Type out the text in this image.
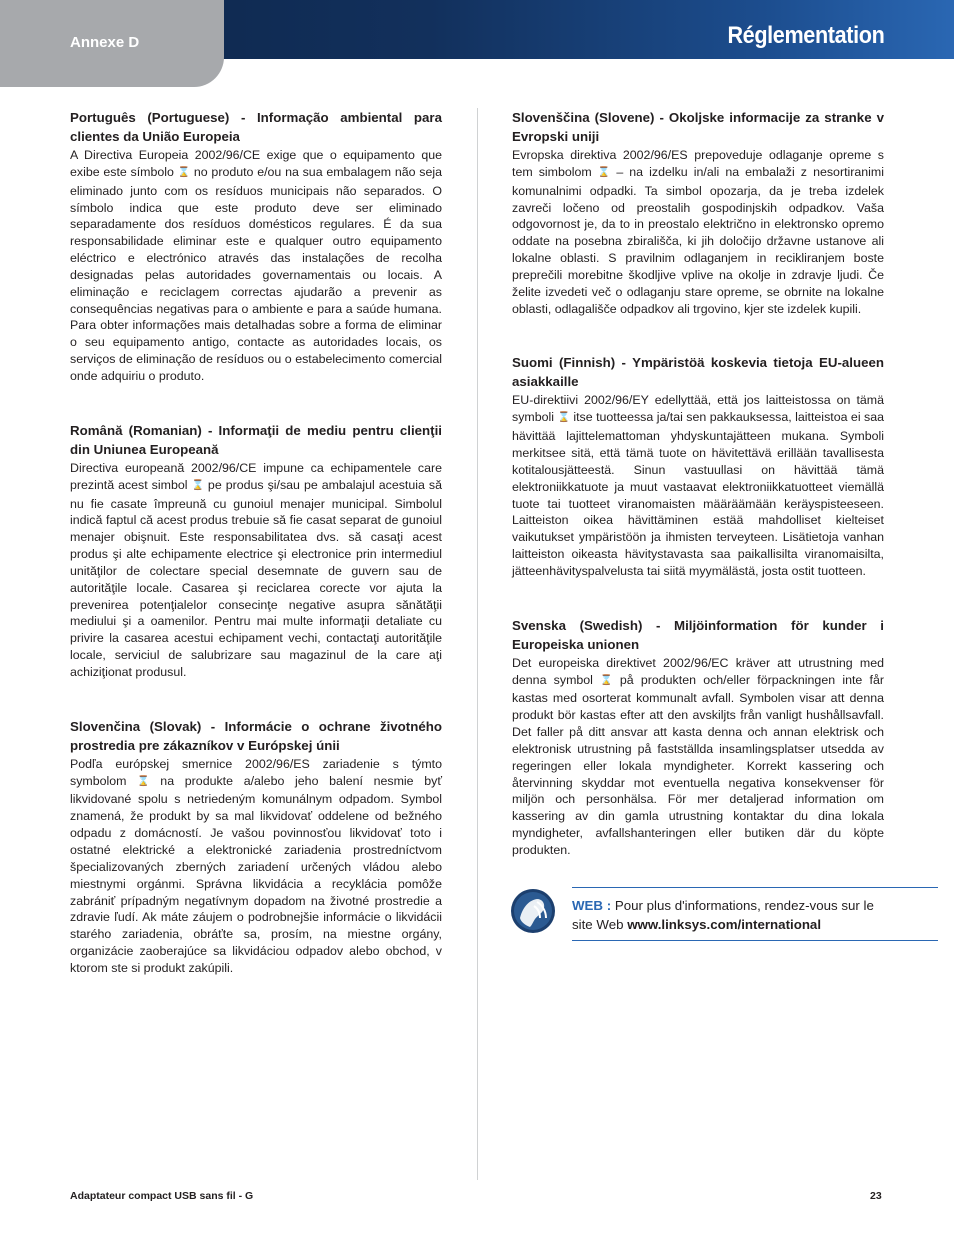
Annexe D	Réglementation
Português (Portuguese) - Informação ambiental para clientes da União Europeia

A Directiva Europeia 2002/96/CE exige que o equipamento que exibe este símbolo ⌛ no produto e/ou na sua embalagem não seja eliminado junto com os resíduos municipais não separados. O símbolo indica que este produto deve ser eliminado separadamente dos resíduos domésticos regulares. É da sua responsabilidade eliminar este e qualquer outro equipamento eléctrico e electrónico através das instalações de recolha designadas pelas autoridades governamentais ou locais. A eliminação e reciclagem correctas ajudarão a prevenir as consequências negativas para o ambiente e para a saúde humana. Para obter informações mais detalhadas sobre a forma de eliminar o seu equipamento antigo, contacte as autoridades locais, os serviços de eliminação de resíduos ou o estabelecimento comercial onde adquiriu o produto.

Română (Romanian) - Informaţii de mediu pentru clienţii din Uniunea Europeană

Directiva europeană 2002/96/CE impune ca echipamentele care prezintă acest simbol ⌛ pe produs şi/sau pe ambalajul acestuia să nu fie casate împreună cu gunoiul menajer municipal. Simbolul indică faptul că acest produs trebuie să fie casat separat de gunoiul menajer obişnuit. Este responsabilitatea dvs. să casaţi acest produs şi alte echipamente electrice şi electronice prin intermediul unităţilor de colectare special desemnate de guvern sau de autorităţile locale. Casarea şi reciclarea corecte vor ajuta la prevenirea potenţialelor consecinţe negative asupra sănătăţii mediului şi a oamenilor. Pentru mai multe informaţii detaliate cu privire la casarea acestui echipament vechi, contactaţi autorităţile locale, serviciul de salubrizare sau magazinul de la care aţi achiziţionat produsul.

Slovenčina (Slovak) - Informácie o ochrane životného prostredia pre zákazníkov v Európskej únii

Podľa európskej smernice 2002/96/ES zariadenie s týmto symbolom ⌛ na produkte a/alebo jeho balení nesmie byť likvidované spolu s netriedeným komunálnym odpadom. Symbol znamená, že produkt by sa mal likvidovať oddelene od bežného odpadu z domácností. Je vašou povinnosťou likvidovať toto i ostatné elektrické a elektronické zariadenia prostredníctvom špecializovaných zberných zariadení určených vládou alebo miestnymi orgánmi. Správna likvidácia a recyklácia pomôže zabrániť prípadným negatívnym dopadom na životné prostredie a zdravie ľudí. Ak máte záujem o podrobnejšie informácie o likvidácii starého zariadenia, obráťte sa, prosím, na miestne orgány, organizácie zaoberajúce sa likvidáciou odpadov alebo obchod, v ktorom ste si produkt zakúpili.

Slovenščina (Slovene) - Okoljske informacije za stranke v Evropski uniji

Evropska direktiva 2002/96/ES prepoveduje odlaganje opreme s tem simbolom ⌛ – na izdelku in/ali na embalaži z nesortiranimi komunalnimi odpadki. Ta simbol opozarja, da je treba izdelek zavreči ločeno od preostalih gospodinjskih odpadkov. Vaša odgovornost je, da to in preostalo električno in elektronsko opremo oddate na posebna zbirališča, ki jih določijo državne ustanove ali lokalne oblasti. S pravilnim odlaganjem in recikliranjem boste preprečili morebitne škodljive vplive na okolje in zdravje ljudi. Če želite izvedeti več o odlaganju stare opreme, se obrnite na lokalne oblasti, odlagališče odpadkov ali trgovino, kjer ste izdelek kupili.

Suomi (Finnish) - Ympäristöä koskevia tietoja EU-alueen asiakkaille

EU-direktiivi 2002/96/EY edellyttää, että jos laitteistossa on tämä symboli ⌛ itse tuotteessa ja/tai sen pakkauksessa, laitteistoa ei saa hävittää lajittelemattoman yhdyskuntajätteen mukana. Symboli merkitsee sitä, että tämä tuote on hävitettävä erillään tavallisesta kotitalousjätteestä. Sinun vastuullasi on hävittää tämä elektroniikkatuote ja muut vastaavat elektroniikkatuotteet viemällä tuote tai tuotteet viranomaisten määräämään keräyspisteeseen. Laitteiston oikea hävittäminen estää mahdolliset kielteiset vaikutukset ympäristöön ja ihmisten terveyteen. Lisätietoja vanhan laitteiston oikeasta hävitystavasta saa paikallisilta viranomaisilta, jätteenhävityspalvelusta tai siitä myymälästä, josta ostit tuotteen.

Svenska (Swedish) - Miljöinformation för kunder i Europeiska unionen

Det europeiska direktivet 2002/96/EC kräver att utrustning med denna symbol ⌛ på produkten och/eller förpackningen inte får kastas med osorterat kommunalt avfall. Symbolen visar att denna produkt bör kastas efter att den avskiljts från vanligt hushållsavfall. Det faller på ditt ansvar att kasta denna och annan elektrisk och elektronisk utrustning på fastställda insamlingsplatser utsedda av regeringen eller lokala myndigheter. Korrekt kassering och återvinning skyddar mot eventuella negativa konsekvenser för miljön och personhälsa. För mer detaljerad information om kassering av din gamla utrustning kontaktar du dina lokala myndigheter, avfallshanteringen eller butiken där du köpte produkten.

WEB : Pour plus d'informations, rendez-vous sur le site Web www.linksys.com/international
Adaptateur compact USB sans fil - G	23
